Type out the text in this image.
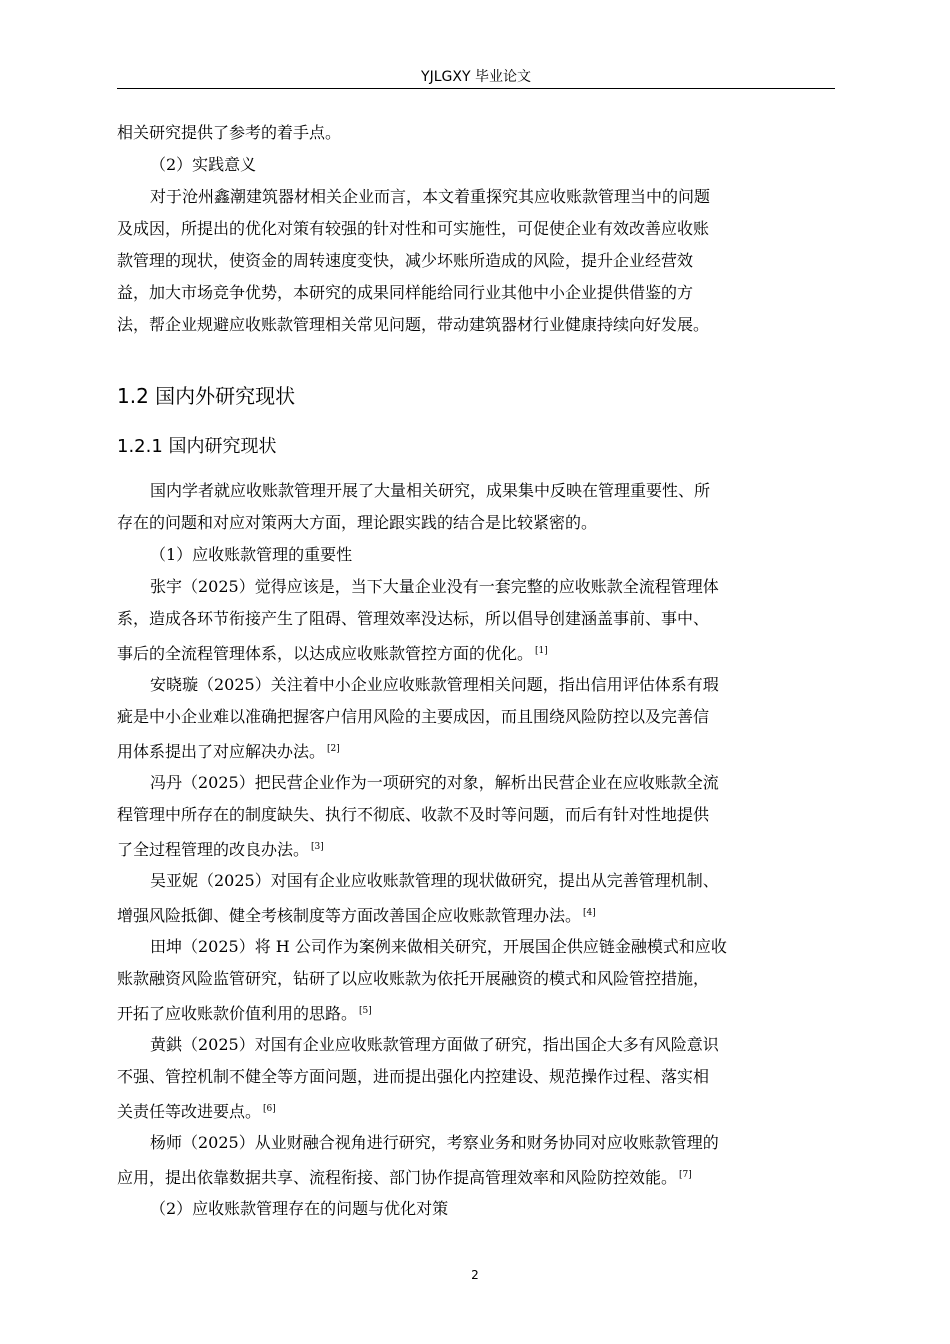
YJLGXY 毕业论文
相关研究提供了参考的着手点。
（2）实践意义
对于沧州鑫潮建筑器材相关企业而言，本文着重探究其应收账款管理当中的问题
及成因，所提出的优化对策有较强的针对性和可实施性，可促使企业有效改善应收账
款管理的现状，使资金的周转速度变快，减少坏账所造成的风险，提升企业经营效
益，加大市场竞争优势，本研究的成果同样能给同行业其他中小企业提供借鉴的方
法，帮企业规避应收账款管理相关常见问题，带动建筑器材行业健康持续向好发展。
1.2 国内外研究现状
1.2.1 国内研究现状
国内学者就应收账款管理开展了大量相关研究，成果集中反映在管理重要性、所
存在的问题和对应对策两大方面，理论跟实践的结合是比较紧密的。
（1）应收账款管理的重要性
张宇（2025）觉得应该是，当下大量企业没有一套完整的应收账款全流程管理体
系，造成各环节衔接产生了阻碍、管理效率没达标，所以倡导创建涵盖事前、事中、
事后的全流程管理体系，以达成应收账款管控方面的优化。 [1]
安晓璇（2025）关注着中小企业应收账款管理相关问题，指出信用评估体系有瑕
疵是中小企业难以准确把握客户信用风险的主要成因，而且围绕风险防控以及完善信
用体系提出了对应解决办法。 [2]
冯丹（2025）把民营企业作为一项研究的对象，解析出民营企业在应收账款全流
程管理中所存在的制度缺失、执行不彻底、收款不及时等问题，而后有针对性地提供
了全过程管理的改良办法。 [3]
吴亚妮（2025）对国有企业应收账款管理的现状做研究，提出从完善管理机制、
增强风险抵御、健全考核制度等方面改善国企应收账款管理办法。 [4]
田坤（2025）将 H 公司作为案例来做相关研究，开展国企供应链金融模式和应收
账款融资风险监管研究，钻研了以应收账款为依托开展融资的模式和风险管控措施，
开拓了应收账款价值利用的思路。 [5]
黄鉷（2025）对国有企业应收账款管理方面做了研究，指出国企大多有风险意识
不强、管控机制不健全等方面问题，进而提出强化内控建设、规范操作过程、落实相
关责任等改进要点。 [6]
杨师（2025）从业财融合视角进行研究，考察业务和财务协同对应收账款管理的
应用，提出依靠数据共享、流程衔接、部门协作提高管理效率和风险防控效能。 [7]
（2）应收账款管理存在的问题与优化对策
2
